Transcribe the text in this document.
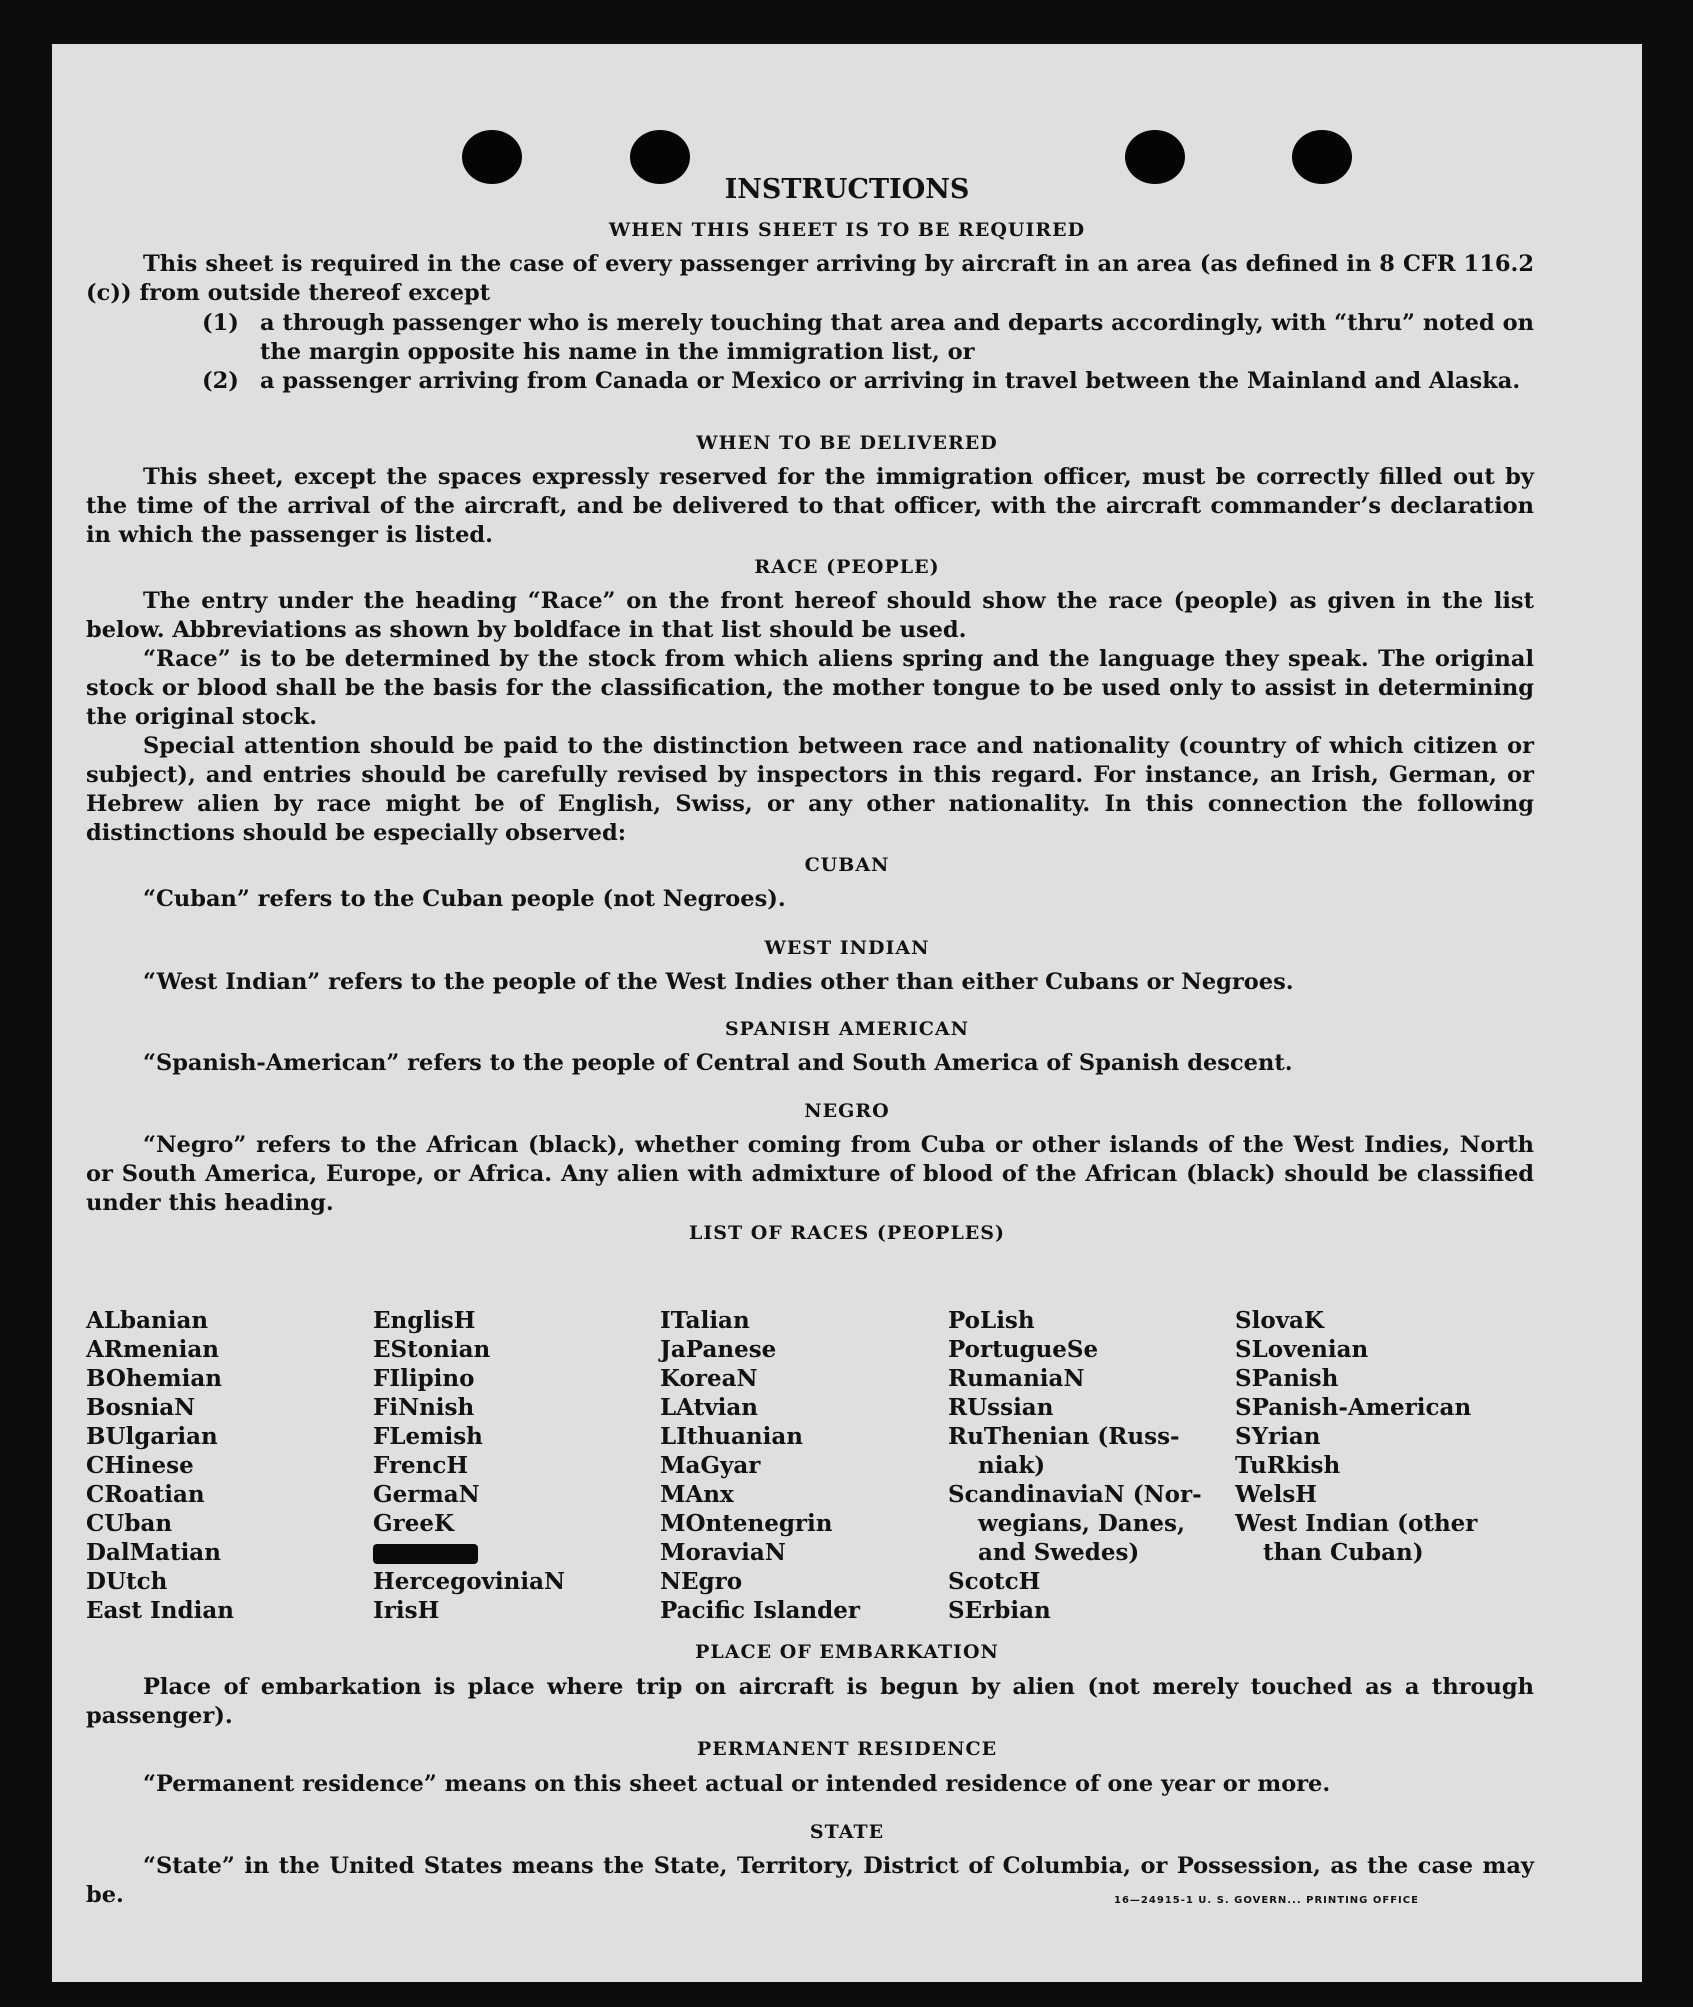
INSTRUCTIONS
WHEN THIS SHEET IS TO BE REQUIRED
This sheet is required in the case of every passenger arriving by aircraft in an area (as defined in 8 CFR 116.2 (c)) from outside thereof except
(1) a through passenger who is merely touching that area and departs accordingly, with “thru” noted on the margin opposite his name in the immigration list, or
(2) a passenger arriving from Canada or Mexico or arriving in travel between the Mainland and Alaska.
WHEN TO BE DELIVERED
This sheet, except the spaces expressly reserved for the immigration officer, must be correctly filled out by the time of the arrival of the aircraft, and be delivered to that officer, with the aircraft commander’s declaration in which the passenger is listed.
RACE (PEOPLE)
The entry under the heading “Race” on the front hereof should show the race (people) as given in the list below. Abbreviations as shown by boldface in that list should be used.
“Race” is to be determined by the stock from which aliens spring and the language they speak. The original stock or blood shall be the basis for the classification, the mother tongue to be used only to assist in determining the original stock.
Special attention should be paid to the distinction between race and nationality (country of which citizen or subject), and entries should be carefully revised by inspectors in this regard. For instance, an Irish, German, or Hebrew alien by race might be of English, Swiss, or any other nationality. In this connection the following distinctions should be especially observed:
CUBAN
“Cuban” refers to the Cuban people (not Negroes).
WEST INDIAN
“West Indian” refers to the people of the West Indies other than either Cubans or Negroes.
SPANISH AMERICAN
“Spanish-American” refers to the people of Central and South America of Spanish descent.
NEGRO
“Negro” refers to the African (black), whether coming from Cuba or other islands of the West Indies, North or South America, Europe, or Africa. Any alien with admixture of blood of the African (black) should be classified under this heading.
LIST OF RACES (PEOPLES)
ALbanian
ARmenian
BOhemian
BosniaN
BUlgarian
CHinese
CRoatian
CUban
DalMatian
DUtch
East Indian
EnglisH
EStonian
FIlipino
FiNnish
FLemish
FrencH
GermaN
GreeK
HercegoviniaN
IrisH
ITalian
JaPanese
KoreaN
LAtvian
LIthuanian
MaGyar
MAnx
MOntenegrin
MoraviaN
NEgro
Pacific Islander
PoLish
PortugueSe
RumaniaN
RUssian
RuThenian (Russ-
niak)
ScandinaviaN (Nor-
wegians, Danes,
and Swedes)
ScotcH
SErbian
SlovaK
SLovenian
SPanish
SPanish-American
SYrian
TuRkish
WelsH
West Indian (other
than Cuban)
PLACE OF EMBARKATION
Place of embarkation is place where trip on aircraft is begun by alien (not merely touched as a through passenger).
PERMANENT RESIDENCE
“Permanent residence” means on this sheet actual or intended residence of one year or more.
STATE
“State” in the United States means the State, Territory, District of Columbia, or Possession, as the case may be.	16—24915-1 U. S. GOVERN... PRINTING OFFICE
